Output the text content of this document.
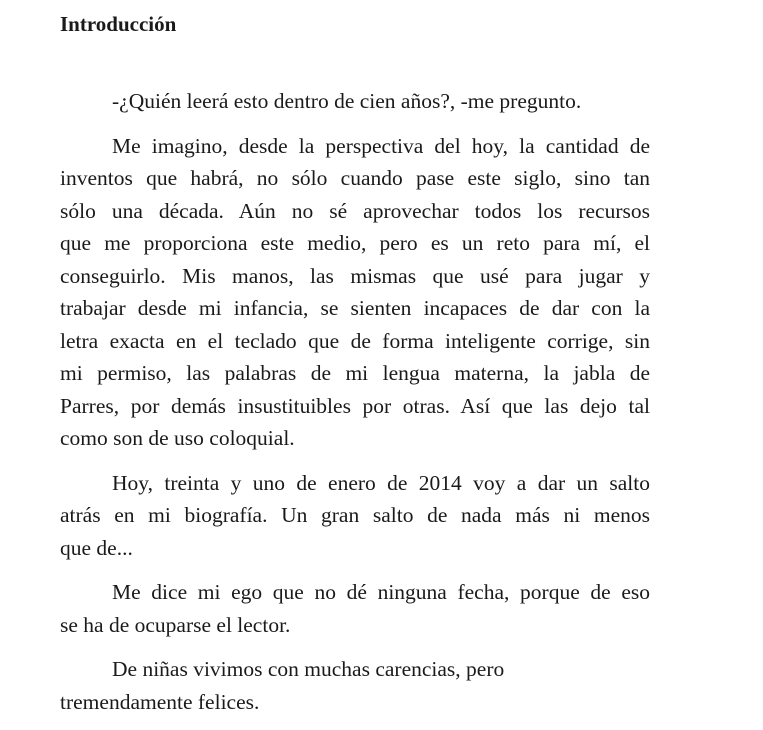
Introducción

-¿Quién leerá esto dentro de cien años?, -me pregunto.

Me imagino, desde la perspectiva del hoy, la cantidad de
inventos que habrá, no sólo cuando pase este siglo, sino tan
sólo una década. Aún no sé aprovechar todos los recursos
que me proporciona este medio, pero es un reto para mí, el
conseguirlo. Mis manos, las mismas que usé para jugar y
trabajar desde mi infancia, se sienten incapaces de dar con la
letra exacta en el teclado que de forma inteligente corrige, sin
mi permiso, las palabras de mi lengua materna, la jabla de
Parres, por demás insustituibles por otras. Así que las dejo tal
como son de uso coloquial.

Hoy, treinta y uno de enero de 2014 voy a dar un salto
atrás en mi biografía. Un gran salto de nada más ni menos
que de...

Me dice mi ego que no dé ninguna fecha, porque de eso
se ha de ocuparse el lector.

De niñas vivimos con muchas carencias, pero
tremendamente felices.
